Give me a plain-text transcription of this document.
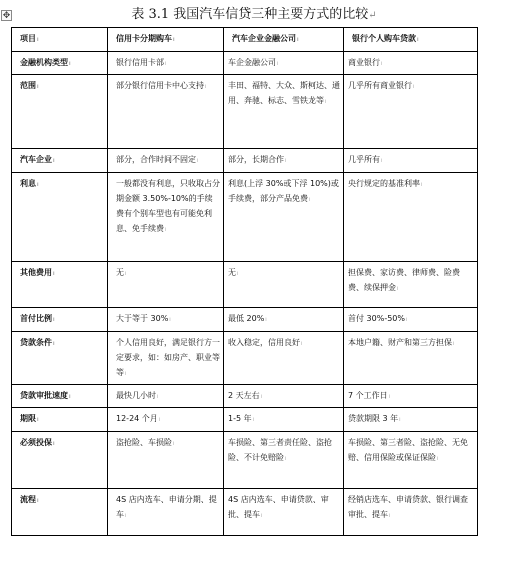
✥	表 3.1 我国汽车信贷三种主要方式的比较↵
项目ₗ	信用卡分期购车ₗ	汽车企业金融公司ₗ	银行个人购车贷款ₗ
金融机构类型ₗ	银行信用卡部ₗ	车企金融公司ₗ	商业银行ₗ
范围ₗ	部分银行信用卡中心支持ₗ	丰田、福特、大众、斯柯达、通用、奔驰、标志、雪铁龙等ₗ	几乎所有商业银行ₗ
汽车企业ₗ	部分，合作时间不固定ₗ	部分，长期合作ₗ	几乎所有ₗ
利息ₗ	一般都没有利息，只收取占分期金额 3.50%-10%的手续费有个别车型也有可能免利息、免手续费ₗ	利息(上浮 30%或下浮 10%)或手续费，部分产品免费ₗ	央行规定的基准利率ₗ
其他费用ₗ	无ₗ	无ₗ	担保费、家访费、律师费、险费费、续保押金ₗ
首付比例ₗ	大于等于 30%ₗ	最低 20%ₗ	首付 30%-50%ₗ
贷款条件ₗ	个人信用良好，满足银行方一定要求，如：如房产、职业等等ₗ	收入稳定，信用良好ₗ	本地户籍、财产和第三方担保ₗ
贷款审批速度ₗ	最快几小时ₗ	2 天左右ₗ	7 个工作日ₗ
期限ₗ	12-24 个月ₗ	1-5 年ₗ	贷款期限 3 年ₗ
必须投保ₗ	盗抢险、车损险ₗ	车损险、第三者责任险、盗抢险、不计免赔险ₗ	车损险、第三者险、盗抢险、无免赔、信用保险或保证保险ₗ
流程ₗ	4S 店内选车、申请分期、提车ₗ	4S 店内选车、申请贷款、审批、提车ₗ	经销店选车、申请贷款、银行调查审批、提车ₗ
